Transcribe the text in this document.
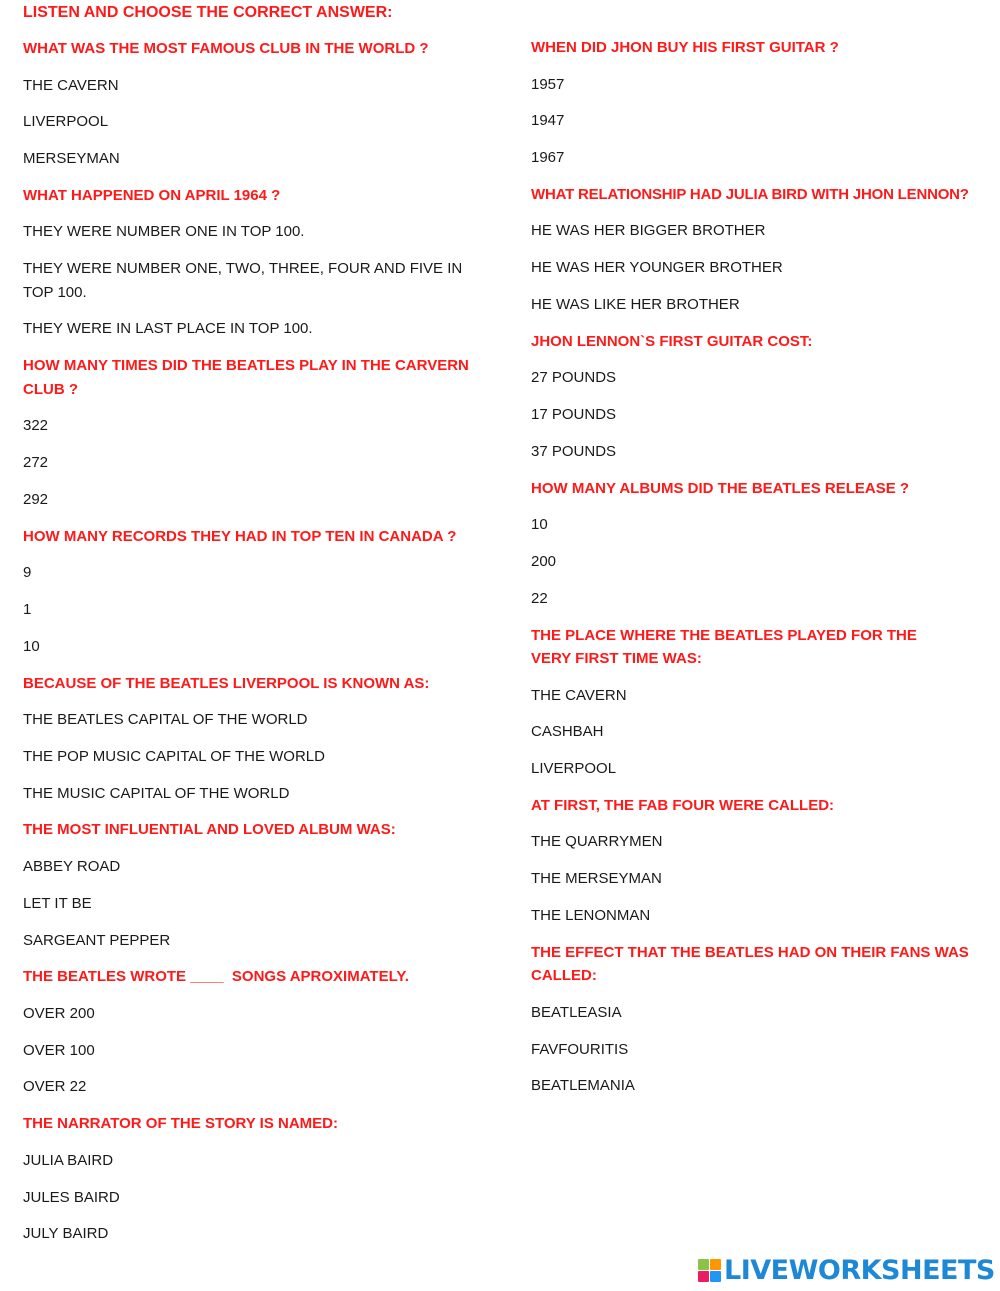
LISTEN AND CHOOSE THE CORRECT ANSWER:

WHAT WAS THE MOST FAMOUS CLUB IN THE WORLD ?

THE CAVERN

LIVERPOOL

MERSEYMAN

WHAT HAPPENED ON APRIL 1964 ?

THEY WERE NUMBER ONE IN TOP 100.

THEY WERE NUMBER ONE, TWO, THREE, FOUR AND FIVE IN TOP 100.

THEY WERE IN LAST PLACE IN TOP 100.

HOW MANY TIMES DID THE BEATLES PLAY IN THE CARVERN CLUB ?

322

272

292

HOW MANY RECORDS THEY HAD IN TOP TEN IN CANADA ?

9

1

10

BECAUSE OF THE BEATLES LIVERPOOL IS KNOWN AS:

THE BEATLES CAPITAL OF THE WORLD

THE POP MUSIC CAPITAL OF THE WORLD

THE MUSIC CAPITAL OF THE WORLD

THE MOST INFLUENTIAL AND LOVED ALBUM WAS:

ABBEY ROAD

LET IT BE

SARGEANT PEPPER

THE BEATLES WROTE ____  SONGS APROXIMATELY.

OVER 200

OVER 100

OVER 22

THE NARRATOR OF THE STORY IS NAMED:

JULIA BAIRD

JULES BAIRD

JULY BAIRD

WHEN DID JHON BUY HIS FIRST GUITAR ?

1957

1947

1967

WHAT RELATIONSHIP HAD JULIA BIRD WITH JHON LENNON?

HE WAS HER BIGGER BROTHER

HE WAS HER YOUNGER BROTHER

HE WAS LIKE HER BROTHER

JHON LENNON`S FIRST GUITAR COST:

27 POUNDS

17 POUNDS

37 POUNDS

HOW MANY ALBUMS DID THE BEATLES RELEASE ?

10

200

22

THE PLACE WHERE THE BEATLES PLAYED FOR THE VERY FIRST TIME WAS:

THE CAVERN

CASHBAH

LIVERPOOL

AT FIRST, THE FAB FOUR WERE CALLED:

THE QUARRYMEN

THE MERSEYMAN

THE LENONMAN

THE EFFECT THAT THE BEATLES HAD ON THEIR FANS WAS CALLED:

BEATLEASIA

FAVFOURITIS

BEATLEMANIA

LIVEWORKSHEETS
